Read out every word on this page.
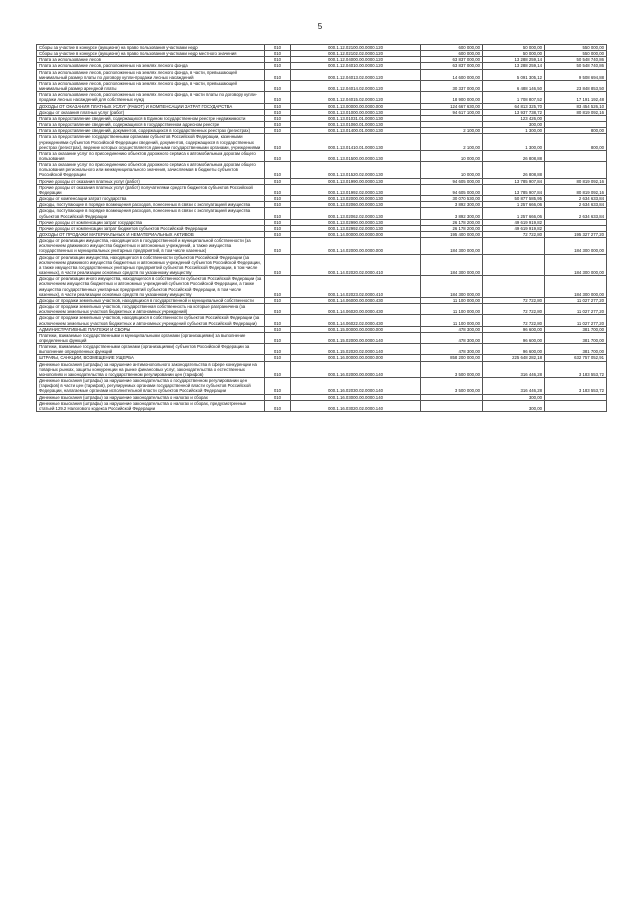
5
Сборы за участие в конкурсе (аукционе) на право пользования участками недр	010	000.1.12.02100.00.0000.120	600 000,00	50 000,00	550 000,00
Сборы за участие в конкурсе (аукционе) на право пользования участками недр местного значения	010	000.1.12.02102.02.0000.120	600 000,00	50 000,00	550 000,00
Плата за использование лесов	010	000.1.12.04000.00.0000.120	63 837 000,00	13 288 259,14	50 548 740,86
Плата за использование лесов, расположенных на землях лесного фонда	010	000.1.12.04010.00.0000.120	63 837 000,00	13 288 259,14	50 548 740,86
Плата за использование лесов, расположенных на землях лесного фонда, в части, превышающей минимальный размер платы по договору купли-продажи лесных насаждений	010	000.1.12.04013.02.0000.120	14 600 000,00	5 091 305,12	9 508 694,88
Плата за использование лесов, расположенных на землях лесного фонда, в части, превышающей минимальный размер арендной платы	010	000.1.12.04014.02.0000.120	30 337 000,00	6 488 146,50	23 848 853,50
Плата за использование лесов, расположенных на землях лесного фонда, в части платы по договору купли-продажи лесных насаждений для собственных нужд	010	000.1.12.04015.02.0000.120	18 900 000,00	1 708 807,52	17 191 192,48
ДОХОДЫ ОТ ОКАЗАНИЯ ПЛАТНЫХ УСЛУГ (РАБОТ) И КОМПЕНСАЦИИ ЗАТРАТ ГОСУДАРСТВА	010	000.1.13.00000.00.0000.000	124 667 630,00	64 813 325,70	83 454 526,10
Доходы от оказания платных услуг (работ)	010	000.1.13.01000.00.0000.130	94 617 100,00	13 937 738,72	80 819 092,16
Плата за предоставление сведений, содержащихся в Едином государственном реестре недвижимости	010	000.1.13.01031.01.0000.130		123 426,00	
Плата за предоставление сведений, содержащихся в государственном адресном реестре	010	000.1.13.01060.01.0000.130		300,00	
Плата за предоставление сведений, документов, содержащихся в государственных реестрах (регистрах)	010	000.1.13.01400.01.0000.130	2 100,00	1 300,00	800,00
Плата за предоставление государственными органами субъектов Российской Федерации, казенными учреждениями субъектов Российской Федерации сведений, документов, содержащихся в государственных реестрах (регистрах), ведение которых осуществляется данными государственными органами, учреждениями	010	000.1.13.01410.01.0000.130	2 100,00	1 300,00	800,00
Плата за оказание услуг по присоединению объектов дорожного сервиса к автомобильным дорогам общего пользования	010	000.1.13.01500.00.0000.130	10 000,00	26 808,88	
Плата за оказание услуг по присоединению объектов дорожного сервиса к автомобильным дорогам общего пользования регионального или межмуниципального значения, зачисляемая в бюджеты субъектов Российской Федерации	010	000.1.13.01520.02.0000.130	10 000,00	26 808,88	
Прочие доходы от оказания платных услуг (работ)	010	000.1.13.01990.00.0000.130	94 605 000,00	13 785 907,84	80 819 092,16
Прочие доходы от оказания платных услуг (работ) получателями средств бюджетов субъектов Российской Федерации	010	000.1.13.01992.02.0000.130	94 605 000,00	13 785 907,84	80 819 092,16
Доходы от компенсации затрат государства	010	000.1.13.02000.00.0000.130	30 070 530,00	50 877 585,95	2 634 633,84
Доходы, поступающие в порядке возмещения расходов, понесенных в связи с эксплуатацией имущества	010	000.1.13.02060.00.0000.130	3 892 300,00	1 257 666,06	2 634 633,84
Доходы, поступающие в порядке возмещения расходов, понесенных в связи с эксплуатацией имущества субъектов Российской Федерации	010	000.1.13.02062.02.0000.130	3 892 300,00	1 257 666,06	2 634 633,84
Прочие доходы от компенсации затрат государства	010	000.1.13.02990.00.0000.130	26 178 200,00	49 619 919,82	
Прочие доходы от компенсации затрат бюджетов субъектов Российской Федерации	010	000.1.13.02992.02.0000.130	26 178 200,00	49 619 919,82	
ДОХОДЫ ОТ ПРОДАЖИ МАТЕРИАЛЬНЫХ И НЕМАТЕРИАЛЬНЫХ АКТИВОВ	010	000.1.14.00000.00.0000.000	195 400 000,00	72 722,80	195 327 277,20
Доходы от реализации имущества, находящегося в государственной и муниципальной собственности (за исключением движимого имущества бюджетных и автономных учреждений, а также имущества государственных и муниципальных унитарных предприятий, в том числе казенных)	010	000.1.14.02000.00.0000.000	184 300 000,00		184 300 000,00
Доходы от реализации имущества, находящегося в собственности субъектов Российской Федерации (за исключением движимого имущества бюджетных и автономных учреждений субъектов Российской Федерации, а также имущества государственных унитарных предприятий субъектов Российской Федерации, в том числе казенных), в части реализации основных средств по указанному имуществу	010	000.1.14.02020.02.0000.410	184 300 000,00		184 300 000,00
Доходы от реализации иного имущества, находящегося в собственности субъектов Российской Федерации (за исключением имущества бюджетных и автономных учреждений субъектов Российской Федерации, а также имущества государственных унитарных предприятий субъектов Российской Федерации, в том числе казенных), в части реализации основных средств по указанному имуществу	010	000.1.14.02023.02.0000.410	184 300 000,00		184 300 000,00
Доходы от продажи земельных участков, находящихся в государственной и муниципальной собственности	010	000.1.14.06000.00.0000.430	11 100 000,00	72 722,80	11 027 277,20
Доходы от продажи земельных участков, государственная собственность на которые разграничена (за исключением земельных участков бюджетных и автономных учреждений)	010	000.1.14.06020.00.0000.430	11 100 000,00	72 722,80	11 027 277,20
Доходы от продажи земельных участков, находящихся в собственности субъектов Российской Федерации (за исключением земельных участков бюджетных и автономных учреждений субъектов Российской Федерации)	010	000.1.14.06022.02.0000.430	11 100 000,00	72 722,80	11 027 277,20
АДМИНИСТРАТИВНЫЕ ПЛАТЕЖИ И СБОРЫ	010	000.1.15.00000.00.0000.000	478 300,00	96 600,00	381 700,00
Платежи, взимаемые государственными и муниципальными органами (организациями) за выполнение определенных функций	010	000.1.15.02000.00.0000.140	478 300,00	96 600,00	381 700,00
Платежи, взимаемые государственными органами (организациями) субъектов Российской Федерации за выполнение определенных функций	010	000.1.15.02020.02.0000.140	478 300,00	96 600,00	381 700,00
ШТРАФЫ, САНКЦИИ, ВОЗМЕЩЕНИЕ УЩЕРБА	010	000.1.16.00000.00.0000.000	858 200 000,00	225 648 282,18	632 757 052,91
Денежные взыскания (штрафы) за нарушение антимонопольного законодательства в сфере конкуренции на товарных рынках, защиты конкуренции на рынке финансовых услуг, законодательства о естественных монополиях и законодательства о государственном регулировании цен (тарифов)	010	000.1.16.02000.00.0000.140	3 500 000,00	316 446,28	3 183 553,72
Денежные взыскания (штрафы) за нарушение законодательства о государственном регулировании цен (тарифов) в части цен (тарифов), регулируемых органами государственной власти субъектов Российской Федерации, налагаемые органами исполнительной власти субъектов Российской Федерации	010	000.1.16.02030.02.0000.140	3 500 000,00	316 446,28	3 183 553,72
Денежные взыскания (штрафы) за нарушение законодательства о налогах и сборах	010	000.1.16.03000.00.0000.140		300,00	
Денежные взыскания (штрафы) за нарушение законодательства о налогах и сборах, предусмотренные статьей 129.2 Налогового кодекса Российской Федерации	010	000.1.16.03020.02.0000.140		300,00	
